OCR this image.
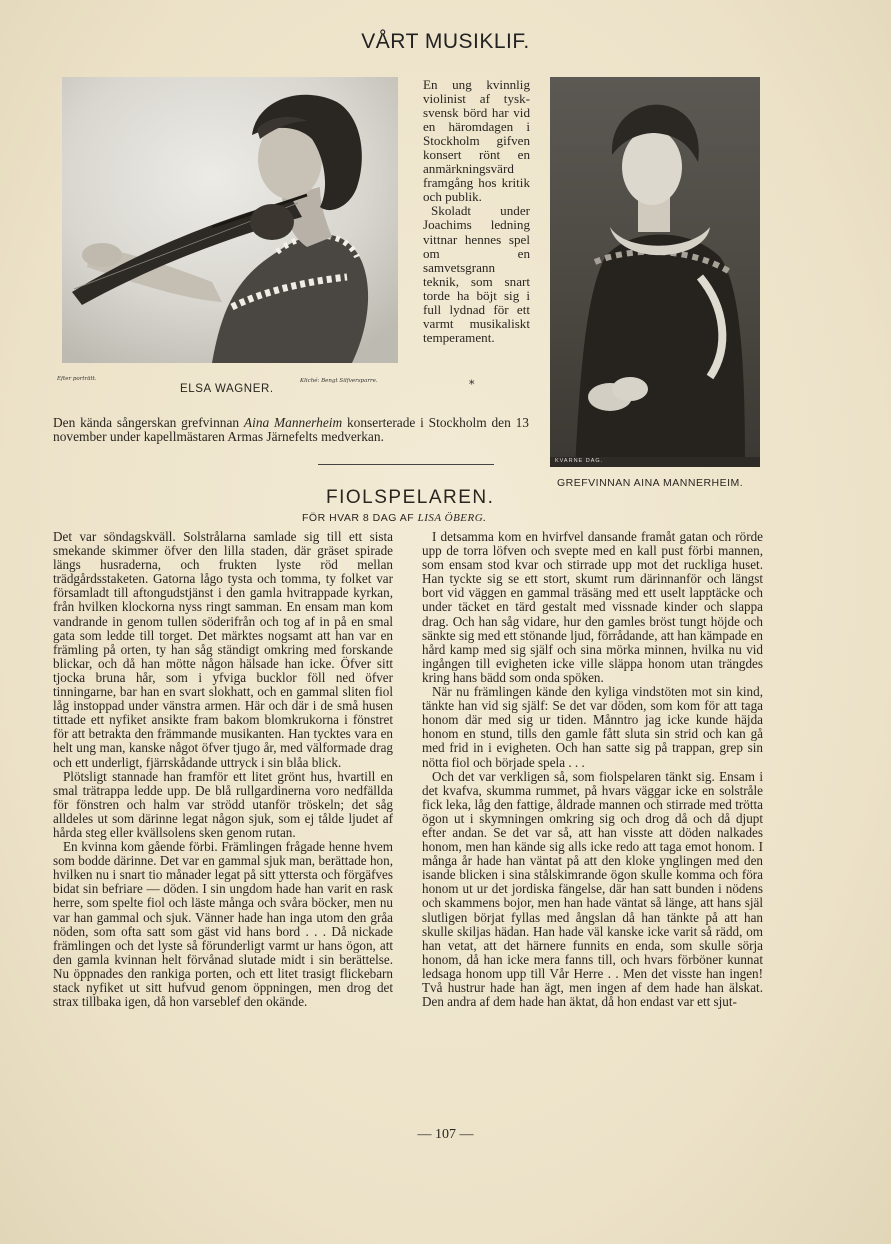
VÅRT MUSIKLIF.
Efter porträtt.
ELSA WAGNER.
Kliché: Bengt Silfversparre.

En ung kvinnlig violinist af tysk-svensk börd har vid en häromdagen i Stockholm gifven konsert rönt en anmärkningsvärd framgång hos kritik och publik.

Skoladt under Joachims ledning vittnar hennes spel om en samvetsgrann teknik, som snart torde ha böjt sig i full lydnad för ett varmt musikaliskt temperament.

*
KVARNE DAG.
GREFVINNAN AINA MANNERHEIM.
Den kända sångerskan grefvinnan Aina Mannerheim konserterade i Stockholm den 13 november under kapellmästaren Armas Järnefelts medverkan.
FIOLSPELAREN.
FÖR HVAR 8 DAG AF LISA ÖBERG.

Det var söndagskväll. Solstrålarna samlade sig till ett sista smekande skimmer öfver den lilla staden, där gräset spirade längs husraderna, och frukten lyste röd mellan trädgårdsstaketen. Gatorna lågo tysta och tomma, ty folket var församladt till aftongudstjänst i den gamla hvitrappade kyrkan, från hvilken klockorna nyss ringt samman. En ensam man kom vandrande in genom tullen söderifrån och tog af in på en smal gata som ledde till torget. Det märktes nogsamt att han var en främling på orten, ty han såg ständigt omkring med forskande blickar, och då han mötte någon hälsade han icke. Öfver sitt tjocka bruna hår, som i yfviga bucklor föll ned öfver tinningarne, bar han en svart slokhatt, och en gammal sliten fiol låg instoppad under vänstra armen. Här och där i de små husen tittade ett nyfiket ansikte fram bakom blomkrukorna i fönstret för att betrakta den främmande musikanten. Han tycktes vara en helt ung man, kanske något öfver tjugo år, med välformade drag och ett underligt, fjärrskådande uttryck i sin blåa blick.

Plötsligt stannade han framför ett litet grönt hus, hvartill en smal trätrappa ledde upp. De blå rullgardinerna voro nedfällda för fönstren och halm var strödd utanför tröskeln; det såg alldeles ut som därinne legat någon sjuk, som ej tålde ljudet af hårda steg eller kvällsolens sken genom rutan.

En kvinna kom gående förbi. Främlingen frågade henne hvem som bodde därinne. Det var en gammal sjuk man, berättade hon, hvilken nu i snart tio månader legat på sitt yttersta och förgäfves bidat sin befriare — döden. I sin ungdom hade han varit en rask herre, som spelte fiol och läste många och svåra böcker, men nu var han gammal och sjuk. Vänner hade han inga utom den gråa nöden, som ofta satt som gäst vid hans bord . . . Då nickade främlingen och det lyste så förunderligt varmt ur hans ögon, att den gamla kvinnan helt förvånad slutade midt i sin berättelse. Nu öppnades den rankiga porten, och ett litet trasigt flickebarn stack nyfiket ut sitt hufvud genom öppningen, men drog det strax tillbaka igen, då hon varseblef den okände.

I detsamma kom en hvirfvel dansande framåt gatan och rörde upp de torra löfven och svepte med en kall pust förbi mannen, som ensam stod kvar och stirrade upp mot det ruckliga huset. Han tyckte sig se ett stort, skumt rum därinnanför och längst bort vid väggen en gammal träsäng med ett uselt lapptäcke och under täcket en tärd gestalt med vissnade kinder och slappa drag. Och han såg vidare, hur den gamles bröst tungt höjde och sänkte sig med ett stönande ljud, förrådande, att han kämpade en hård kamp med sig själf och sina mörka minnen, hvilka nu vid ingången till evigheten icke ville släppa honom utan trängdes kring hans bädd som onda spöken.

När nu främlingen kände den kyliga vindstöten mot sin kind, tänkte han vid sig själf: Se det var döden, som kom för att taga honom där med sig ur tiden. Månntro jag icke kunde häjda honom en stund, tills den gamle fått sluta sin strid och kan gå med frid in i evigheten. Och han satte sig på trappan, grep sin nötta fiol och började spela . . .

Och det var verkligen så, som fiolspelaren tänkt sig. Ensam i det kvafva, skumma rummet, på hvars väggar icke en solstråle fick leka, låg den fattige, åldrade mannen och stirrade med trötta ögon ut i skymningen omkring sig och drog då och då djupt efter andan. Se det var så, att han visste att döden nalkades honom, men han kände sig alls icke redo att taga emot honom. I många år hade han väntat på att den kloke ynglingen med den isande blicken i sina stålskimrande ögon skulle komma och föra honom ut ur det jordiska fängelse, där han satt bunden i nödens och skammens bojor, men han hade väntat så länge, att hans själ slutligen börjat fyllas med ångslan då han tänkte på att han skulle skiljas hädan. Han hade väl kanske icke varit så rädd, om han vetat, att det härnere funnits en enda, som skulle sörja honom, då han icke mera fanns till, och hvars förböner kunnat ledsaga honom upp till Vår Herre . . Men det visste han ingen! Två hustrur hade han ägt, men ingen af dem hade han älskat. Den andra af dem hade han äktat, då hon endast var ett sjut-

— 107 —
